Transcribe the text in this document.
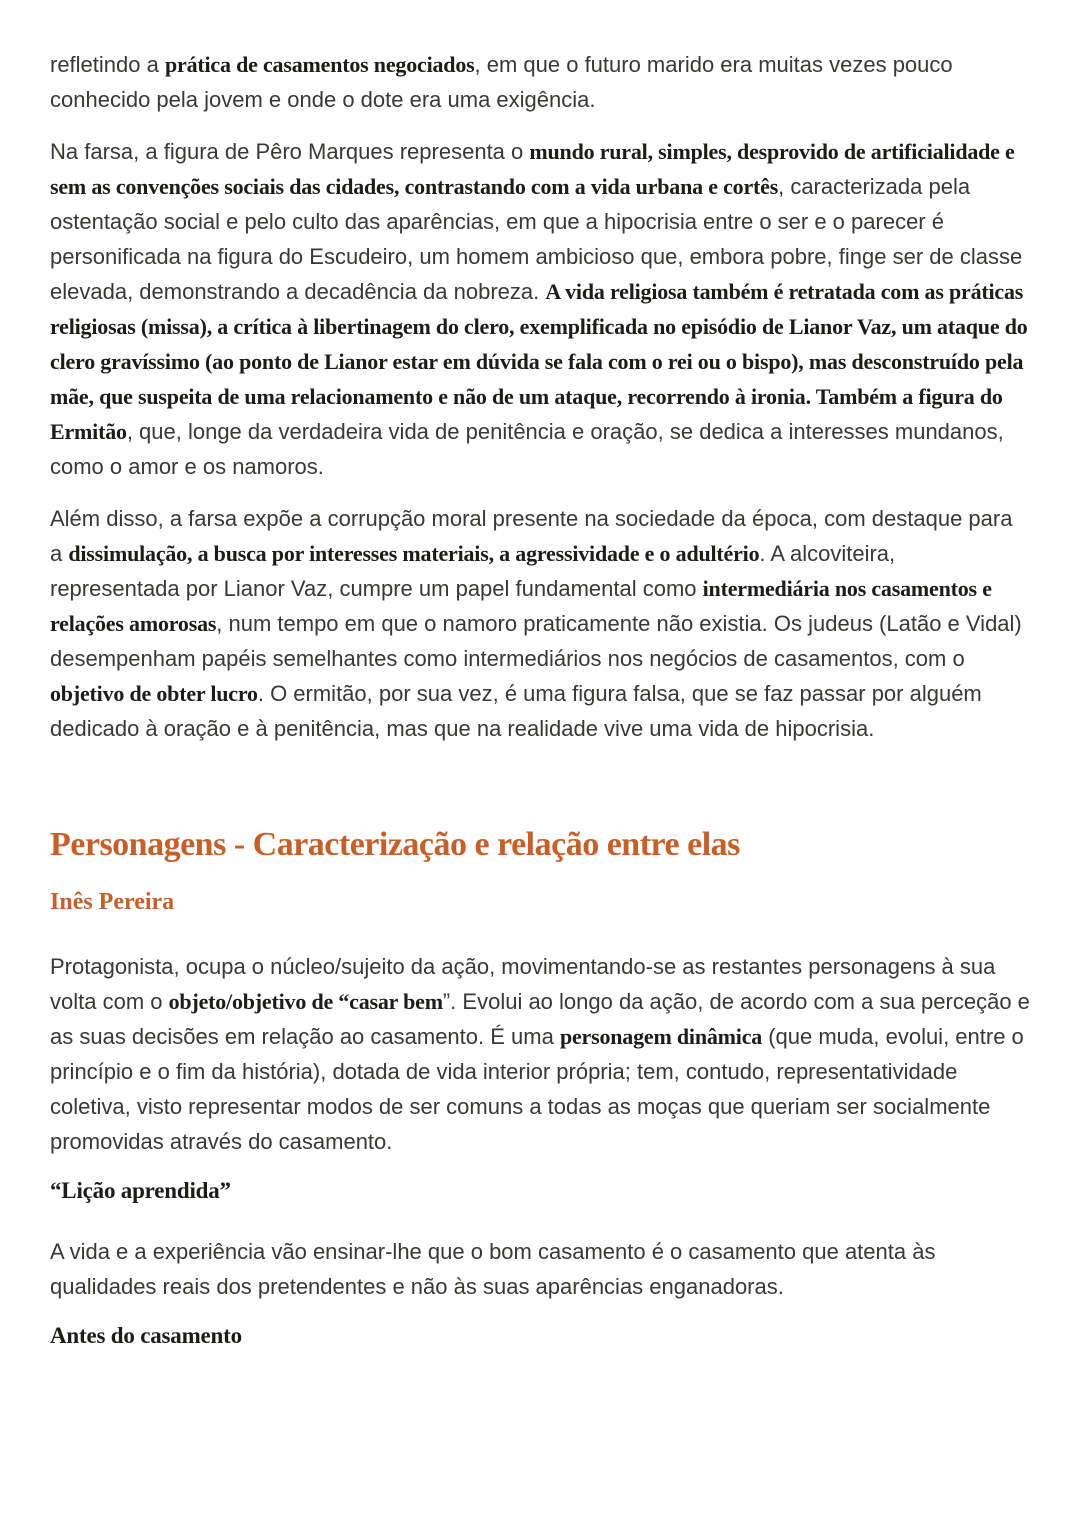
refletindo a prática de casamentos negociados, em que o futuro marido era muitas vezes pouco conhecido pela jovem e onde o dote era uma exigência.

Na farsa, a figura de Pêro Marques representa o mundo rural, simples, desprovido de artificialidade e sem as convenções sociais das cidades, contrastando com a vida urbana e cortês, caracterizada pela ostentação social e pelo culto das aparências, em que a hipocrisia entre o ser e o parecer é personificada na figura do Escudeiro, um homem ambicioso que, embora pobre, finge ser de classe elevada, demonstrando a decadência da nobreza. A vida religiosa também é retratada com as práticas religiosas (missa), a crítica à libertinagem do clero, exemplificada no episódio de Lianor Vaz, um ataque do clero gravíssimo (ao ponto de Lianor estar em dúvida se fala com o rei ou o bispo), mas desconstruído pela mãe, que suspeita de uma relacionamento e não de um ataque, recorrendo à ironia. Também a figura do Ermitão, que, longe da verdadeira vida de penitência e oração, se dedica a interesses mundanos, como o amor e os namoros.

Além disso, a farsa expõe a corrupção moral presente na sociedade da época, com destaque para a dissimulação, a busca por interesses materiais, a agressividade e o adultério. A alcoviteira, representada por Lianor Vaz, cumpre um papel fundamental como intermediária nos casamentos e relações amorosas, num tempo em que o namoro praticamente não existia. Os judeus (Latão e Vidal) desempenham papéis semelhantes como intermediários nos negócios de casamentos, com o objetivo de obter lucro. O ermitão, por sua vez, é uma figura falsa, que se faz passar por alguém dedicado à oração e à penitência, mas que na realidade vive uma vida de hipocrisia.

Personagens - Caracterização e relação entre elas
Inês Pereira

Protagonista, ocupa o núcleo/sujeito da ação, movimentando-se as restantes personagens à sua volta com o objeto/objetivo de “casar bem”. Evolui ao longo da ação, de acordo com a sua perceção e as suas decisões em relação ao casamento. É uma personagem dinâmica (que muda, evolui, entre o princípio e o fim da história), dotada de vida interior própria; tem, contudo, representatividade coletiva, visto representar modos de ser comuns a todas as moças que queriam ser socialmente promovidas através do casamento.

“Lição aprendida”

A vida e a experiência vão ensinar-lhe que o bom casamento é o casamento que atenta às qualidades reais dos pretendentes e não às suas aparências enganadoras.

Antes do casamento
